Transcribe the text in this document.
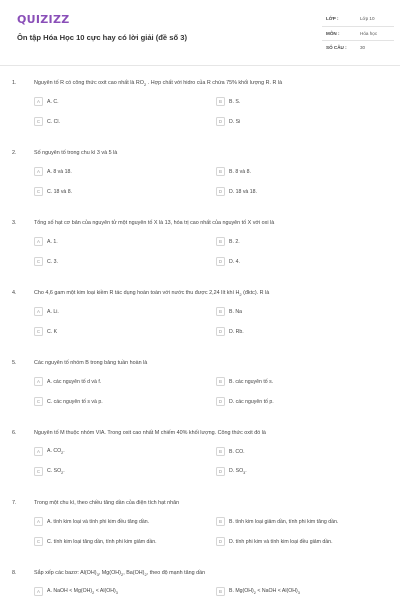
QUIZIZZ
Ôn tập Hóa Học 10 cực hay có lời giải (đề số 3)
LỚP :	Lớp 10
MÔN :	Hóa học
SỐ CÂU :	30
1.	Nguyên tố R có công thức oxit cao nhất là $RO_2$ . Hợp chất với hidro của R chứa 75% khối lượng R. R là
A	A. C.	B	B. S.
C	C. Cl.	D	D. Si
2.	Số nguyên tố trong chu kì 3 và 5 là
A	A. 8 và 18.	B	B. 8 và 8.
C	C. 18 và 8.	D	D. 18 và 18.
3.	Tổng số hạt cơ bản của nguyên tử một nguyên tố X là 13, hóa trị cao nhất của nguyên tố X với oxi là
A	A. 1.	B	B. 2.
C	C. 3.	D	D. 4.
4.	Cho 4,6 gam một kim loại kiềm R tác dụng hoàn toàn với nước thu được 2,24 lít khí $H_2$ (đktc). R là
A	A. Li.	B	B. Na
C	C. K	D	D. Rb.
5.	Các nguyên tố nhóm B trong bảng tuần hoàn là
A	A. các nguyên tố d và f.	B	B. các nguyên tố s.
C	C. các nguyên tố s và p.	D	D. các nguyên tố p.
6.	Nguyên tố M thuộc nhóm VIA. Trong oxit cao nhất M chiếm 40% khối lượng. Công thức oxit đó là
A	A. $CO_2$.	B	B. CO.
C	C. $SO_2$.	D	D. $SO_3$.
7.	Trong một chu kì, theo chiều tăng dần của điện tích hạt nhân
A	A. tính kim loại và tính phi kim đều tăng dần.	B	B. tính kim loại giảm dần, tính phi kim tăng dần.
C	C. tính kim loại tăng dần, tính phi kim giảm dần.	D	D. tính phi kim và tính kim loại đều giảm dần.
8.	Sắp xếp các bazơ: $Al(OH)_3$, $Mg(OH)_2$, $Ba(OH)_2$, theo độ mạnh tăng dần
A	A. NaOH < $Mg(OH)_2 < Al(OH)_3$	B	B. $Mg(OH)_2$ < NaOH < $Al(OH)_3$
